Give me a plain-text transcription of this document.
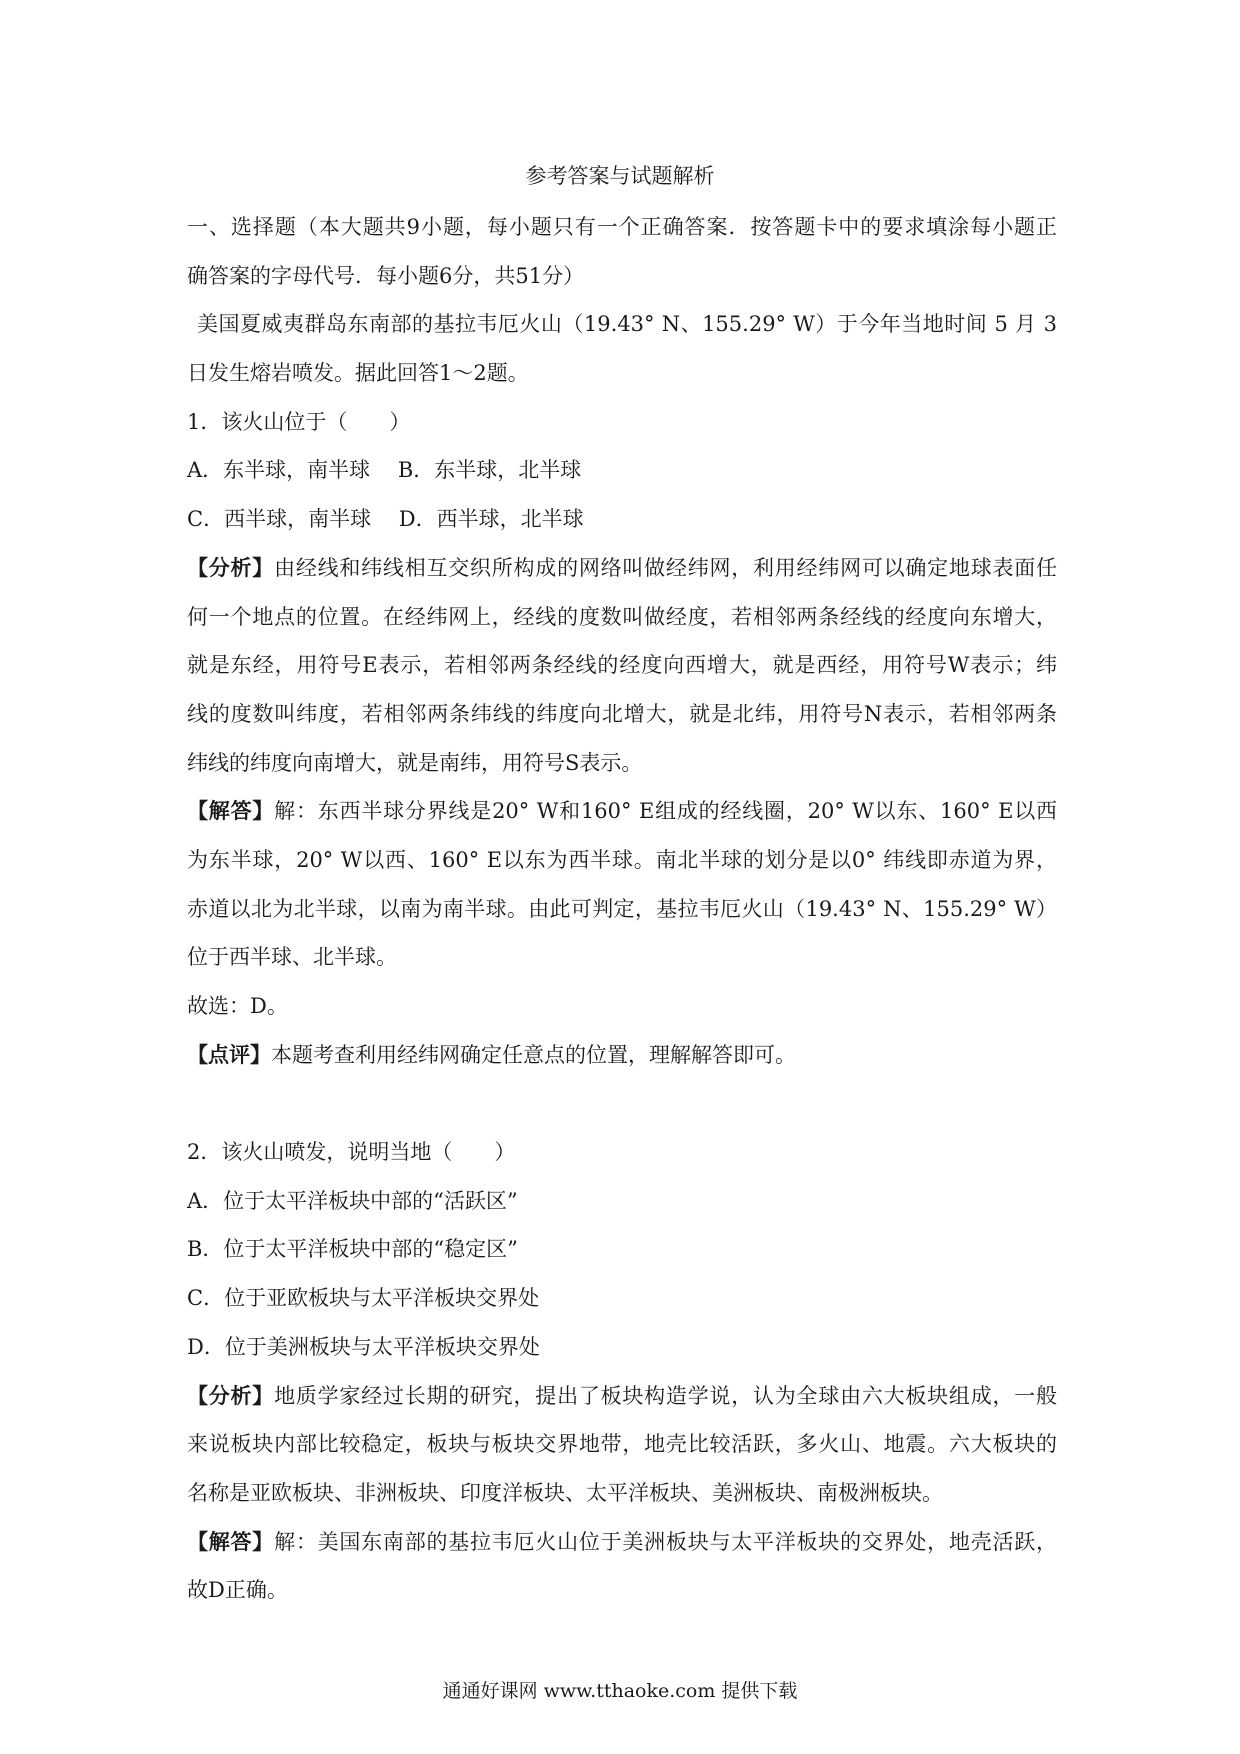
参考答案与试题解析
一、选择题（本大题共9小题，每小题只有一个正确答案．按答题卡中的要求填涂每小题正
确答案的字母代号．每小题6分，共51分）
美国夏威夷群岛东南部的基拉韦厄火山（19.43° N、155.29° W）于今年当地时间 5 月 3
日发生熔岩喷发。据此回答1～2题。
1．该火山位于（　　）
A．东半球，南半球　 B．东半球，北半球
C．西半球，南半球　 D．西半球，北半球
【分析】由经线和纬线相互交织所构成的网络叫做经纬网，利用经纬网可以确定地球表面任
何一个地点的位置。在经纬网上，经线的度数叫做经度，若相邻两条经线的经度向东增大，
就是东经，用符号E表示，若相邻两条经线的经度向西增大，就是西经，用符号W表示；纬
线的度数叫纬度，若相邻两条纬线的纬度向北增大，就是北纬，用符号N表示，若相邻两条
纬线的纬度向南增大，就是南纬，用符号S表示。
【解答】解：东西半球分界线是20° W和160° E组成的经线圈，20° W以东、160° E以西
为东半球，20° W以西、160° E以东为西半球。南北半球的划分是以0° 纬线即赤道为界，
赤道以北为北半球，以南为南半球。由此可判定，基拉韦厄火山（19.43° N、155.29° W）
位于西半球、北半球。
故选：D。
【点评】本题考查利用经纬网确定任意点的位置，理解解答即可。
2．该火山喷发，说明当地（　　）
A．位于太平洋板块中部的“活跃区”
B．位于太平洋板块中部的“稳定区”
C．位于亚欧板块与太平洋板块交界处
D．位于美洲板块与太平洋板块交界处
【分析】地质学家经过长期的研究，提出了板块构造学说，认为全球由六大板块组成，一般
来说板块内部比较稳定，板块与板块交界地带，地壳比较活跃，多火山、地震。六大板块的
名称是亚欧板块、非洲板块、印度洋板块、太平洋板块、美洲板块、南极洲板块。
【解答】解：美国东南部的基拉韦厄火山位于美洲板块与太平洋板块的交界处，地壳活跃，
故D正确。
通通好课网 www.tthaoke.com 提供下载
